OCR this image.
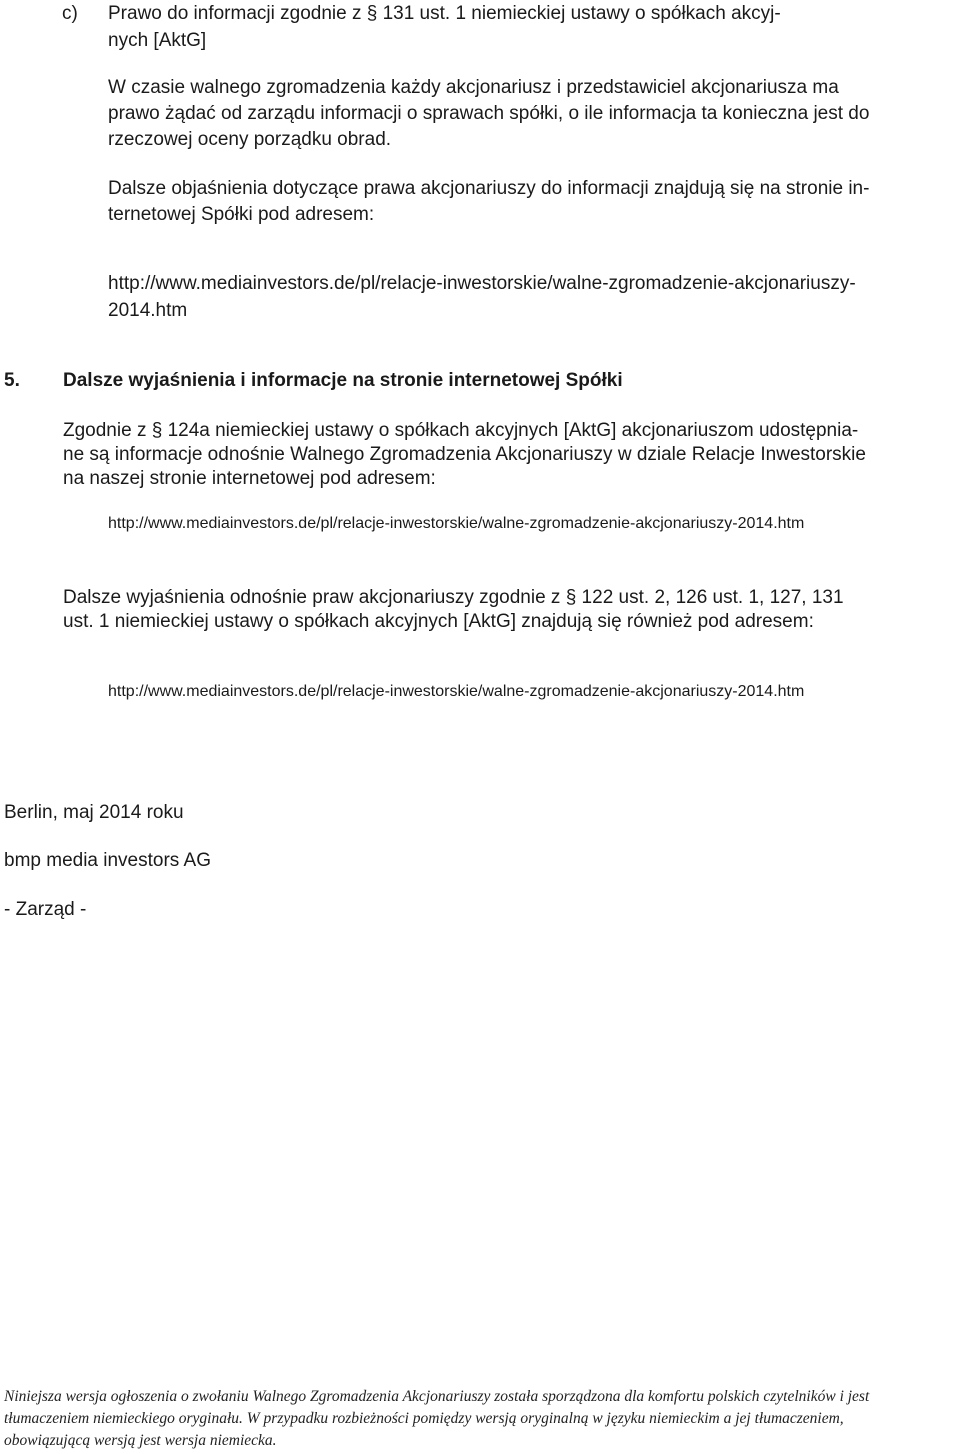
c) Prawo do informacji zgodnie z § 131 ust. 1 niemieckiej ustawy o spółkach akcyj-
nych [AktG]
W czasie walnego zgromadzenia każdy akcjonariusz i przedstawiciel akcjonariusza ma
prawo żądać od zarządu informacji o sprawach spółki, o ile informacja ta konieczna jest do
rzeczowej oceny porządku obrad.
Dalsze objaśnienia dotyczące prawa akcjonariuszy do informacji znajdują się na stronie in-
ternetowej Spółki pod adresem:
http://www.mediainvestors.de/pl/relacje-inwestorskie/walne-zgromadzenie-akcjonariuszy-
2014.htm
5. Dalsze wyjaśnienia i informacje na stronie internetowej Spółki
Zgodnie z § 124a niemieckiej ustawy o spółkach akcyjnych [AktG] akcjonariuszom udostępnia-
ne są informacje odnośnie Walnego Zgromadzenia Akcjonariuszy w dziale Relacje Inwestorskie
na naszej stronie internetowej pod adresem:
http://www.mediainvestors.de/pl/relacje-inwestorskie/walne-zgromadzenie-akcjonariuszy-2014.htm
Dalsze wyjaśnienia odnośnie praw akcjonariuszy zgodnie z § 122 ust. 2, 126 ust. 1, 127, 131
ust. 1 niemieckiej ustawy o spółkach akcyjnych [AktG] znajdują się również pod adresem:
http://www.mediainvestors.de/pl/relacje-inwestorskie/walne-zgromadzenie-akcjonariuszy-2014.htm
Berlin, maj 2014 roku
bmp media investors AG
- Zarząd -
Niniejsza wersja ogłoszenia o zwołaniu Walnego Zgromadzenia Akcjonariuszy została sporządzona dla komfortu polskich czytelników i jest
tłumaczeniem niemieckiego oryginału. W przypadku rozbieżności pomiędzy wersją oryginalną w języku niemieckim a jej tłumaczeniem,
obowiązującą wersją jest wersja niemiecka.
